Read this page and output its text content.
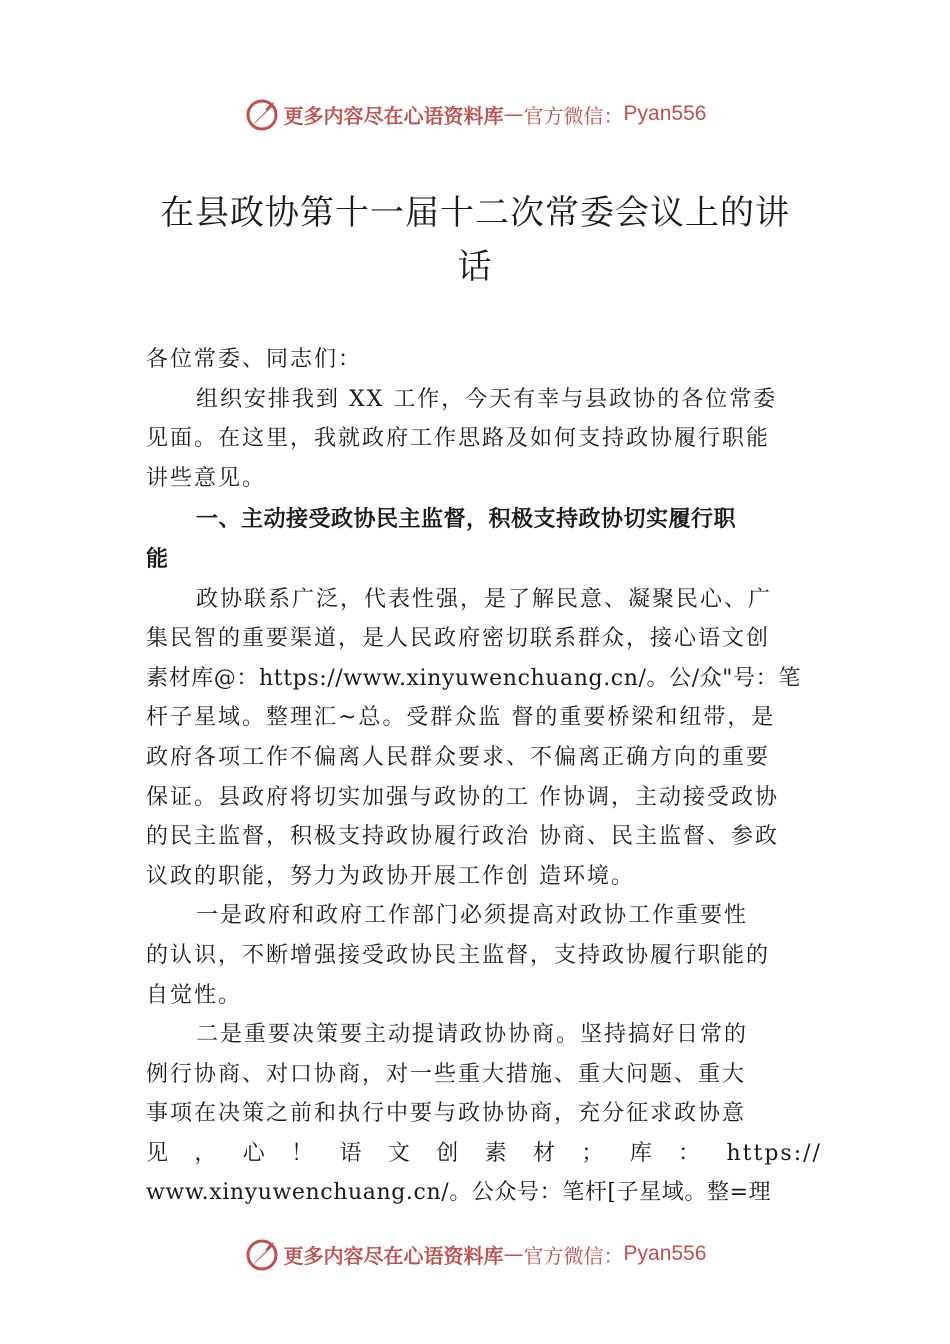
更多内容尽在心语资料库 — 官方微信： Pyan556
在县政协第十一届十二次常委会议上的讲
话
各位常委、同志们：
组织安排我到 XX 工作，今天有幸与县政协的各位常委
见面。在这里，我就政府工作思路及如何支持政协履行职能
讲些意见。
一、主动接受政协民主监督，积极支持政协切实履行职
能
政协联系广泛，代表性强，是了解民意、凝聚民心、广
集民智的重要渠道，是人民政府密切联系群众，接心语文创
素材库@：https://www.xinyuwenchuang.cn/。公/众"号：笔
杆子星域。整理汇~总。受群众监 督的重要桥梁和纽带，是
政府各项工作不偏离人民群众要求、不偏离正确方向的重要
保证。县政府将切实加强与政协的工 作协调，主动接受政协
的民主监督，积极支持政协履行政治 协商、民主监督、参政
议政的职能，努力为政协开展工作创 造环境。
一是政府和政府工作部门必须提高对政协工作重要性
的认识，不断增强接受政协民主监督，支持政协履行职能的
自觉性。
二是重要决策要主动提请政协协商。坚持搞好日常的
例行协商、对口协商，对一些重大措施、重大问题、重大
事项在决策之前和执行中要与政协协商，充分征求政协意
见 ， 心 ！ 语 文 创 素 材 ； 库 ： https://
www.xinyuwenchuang.cn/。公众号：笔杆[子星域。整=理
更多内容尽在心语资料库 — 官方微信： Pyan556
